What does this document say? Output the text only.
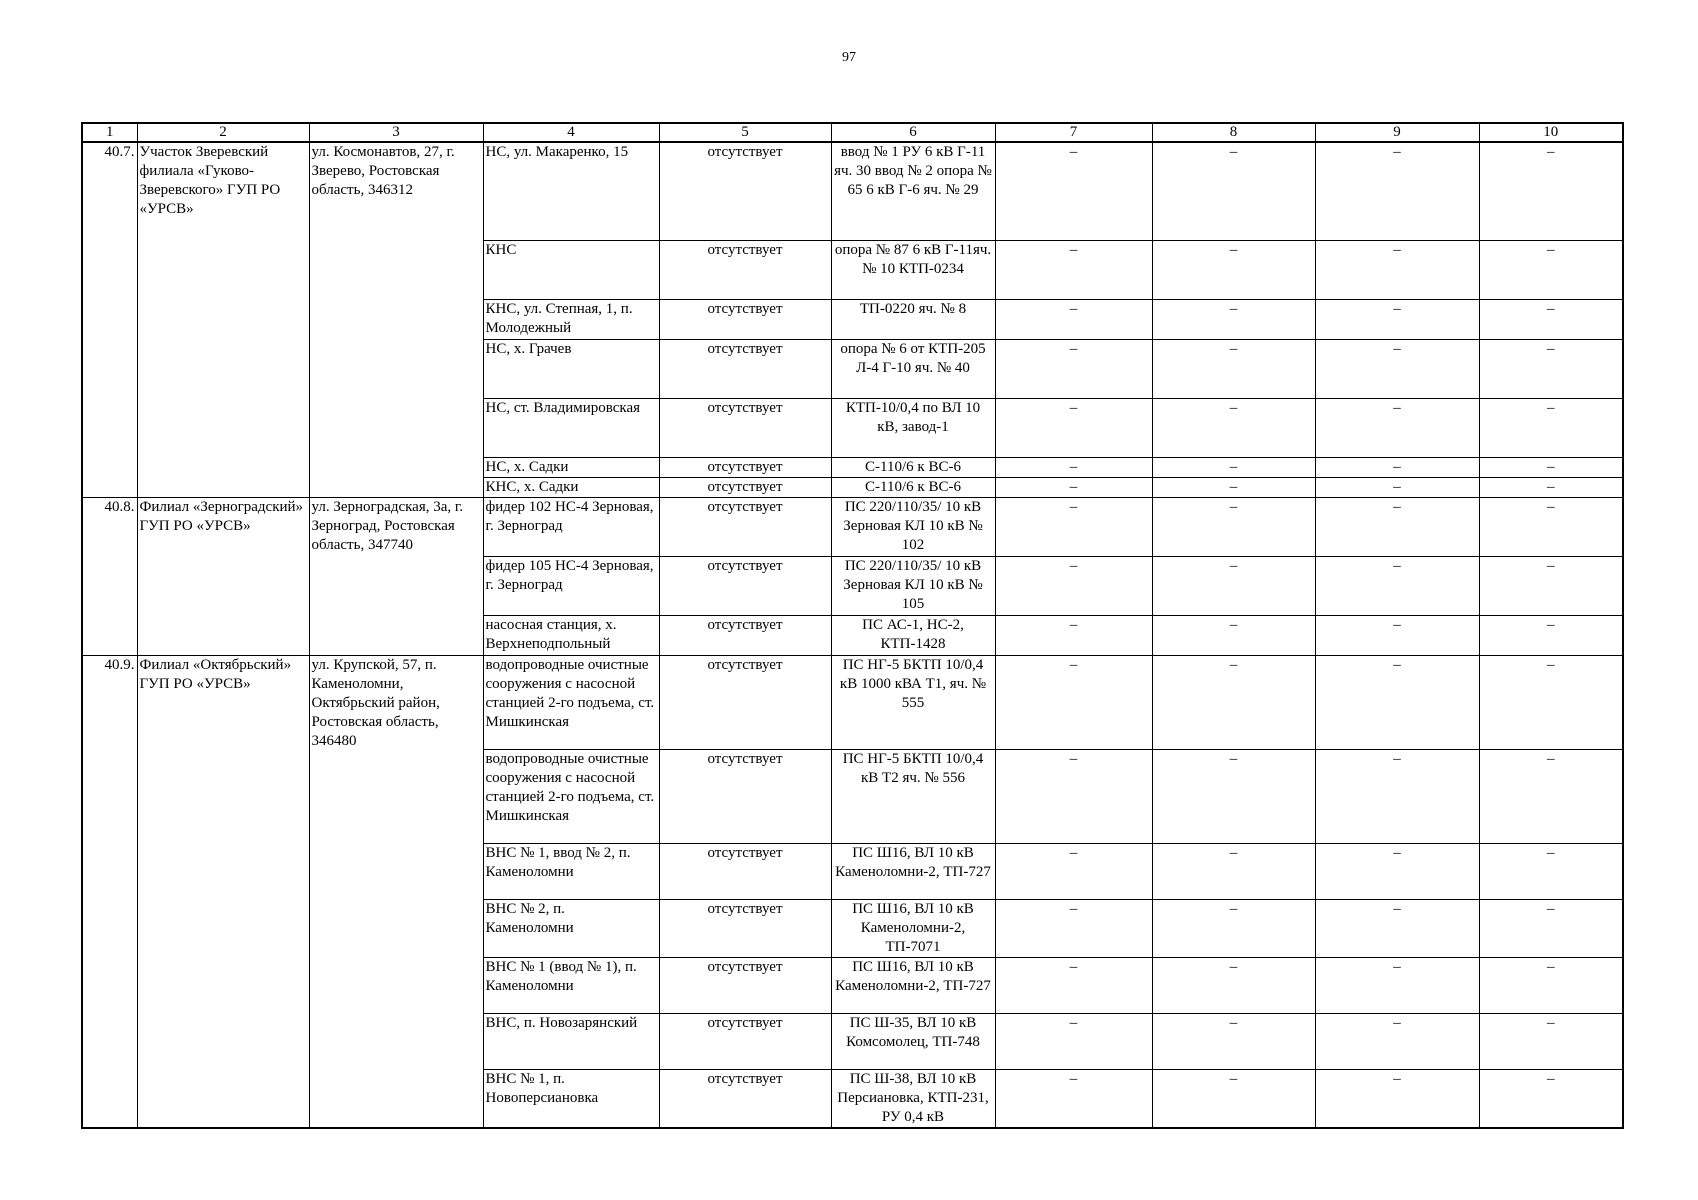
97
1	2	3	4	5	6	7	8	9	10
40.7.	Участок Зверевский филиала «Гуково-Зверевского» ГУП РО «УРСВ»	ул. Космонавтов, 27, г. Зверево, Ростовская область, 346312	НС, ул. Макаренко, 15	отсутствует	ввод № 1 РУ 6 кВ Г-11 яч. 30 ввод № 2 опора № 65 6 кВ Г-6 яч. № 29	–	–	–	–
			КНС	отсутствует	опора № 87 6 кВ Г-11яч. № 10 КТП-0234	–	–	–	–
			КНС, ул. Степная, 1, п. Молодежный	отсутствует	ТП-0220 яч. № 8	–	–	–	–
			НС, х. Грачев	отсутствует	опора № 6 от КТП-205 Л-4 Г-10 яч. № 40	–	–	–	–
			НС, ст. Владимировская	отсутствует	КТП-10/0,4 по ВЛ 10 кВ, завод-1	–	–	–	–
			НС, х. Садки	отсутствует	С-110/6 к ВС-6	–	–	–	–
			КНС, х. Садки	отсутствует	С-110/6 к ВС-6	–	–	–	–
40.8.	Филиал «Зерноградский» ГУП РО «УРСВ»	ул. Зерноградская, 3а, г. Зерноград, Ростовская область, 347740	фидер 102 НС-4 Зерновая, г. Зерноград	отсутствует	ПС 220/110/35/ 10 кВ Зерновая КЛ 10 кВ № 102	–	–	–	–
			фидер 105 НС-4 Зерновая, г. Зерноград	отсутствует	ПС 220/110/35/ 10 кВ Зерновая КЛ 10 кВ № 105	–	–	–	–
			насосная станция, х. Верхнеподпольный	отсутствует	ПС АС-1, НС-2, КТП-1428	–	–	–	–
40.9.	Филиал «Октябрьский» ГУП РО «УРСВ»	ул. Крупской, 57, п. Каменоломни, Октябрьский район, Ростовская область, 346480	водопроводные очистные сооружения с насосной станцией 2-го подъема, ст. Мишкинская	отсутствует	ПС НГ-5 БКТП 10/0,4 кВ 1000 кВА Т1, яч. № 555	–	–	–	–
			водопроводные очистные сооружения с насосной станцией 2-го подъема, ст. Мишкинская	отсутствует	ПС НГ-5 БКТП 10/0,4 кВ Т2 яч. № 556	–	–	–	–
			ВНС № 1, ввод № 2, п. Каменоломни	отсутствует	ПС Ш16, ВЛ 10 кВ Каменоломни-2, ТП-727	–	–	–	–
			ВНС № 2, п. Каменоломни	отсутствует	ПС Ш16, ВЛ 10 кВ Каменоломни-2, ТП-7071	–	–	–	–
			ВНС № 1 (ввод № 1), п. Каменоломни	отсутствует	ПС Ш16, ВЛ 10 кВ Каменоломни-2, ТП-727	–	–	–	–
			ВНС, п. Новозарянский	отсутствует	ПС Ш-35, ВЛ 10 кВ Комсомолец, ТП-748	–	–	–	–
			ВНС № 1, п. Новоперсиановка	отсутствует	ПС Ш-38, ВЛ 10 кВ Персиановка, КТП-231, РУ 0,4 кВ	–	–	–	–
